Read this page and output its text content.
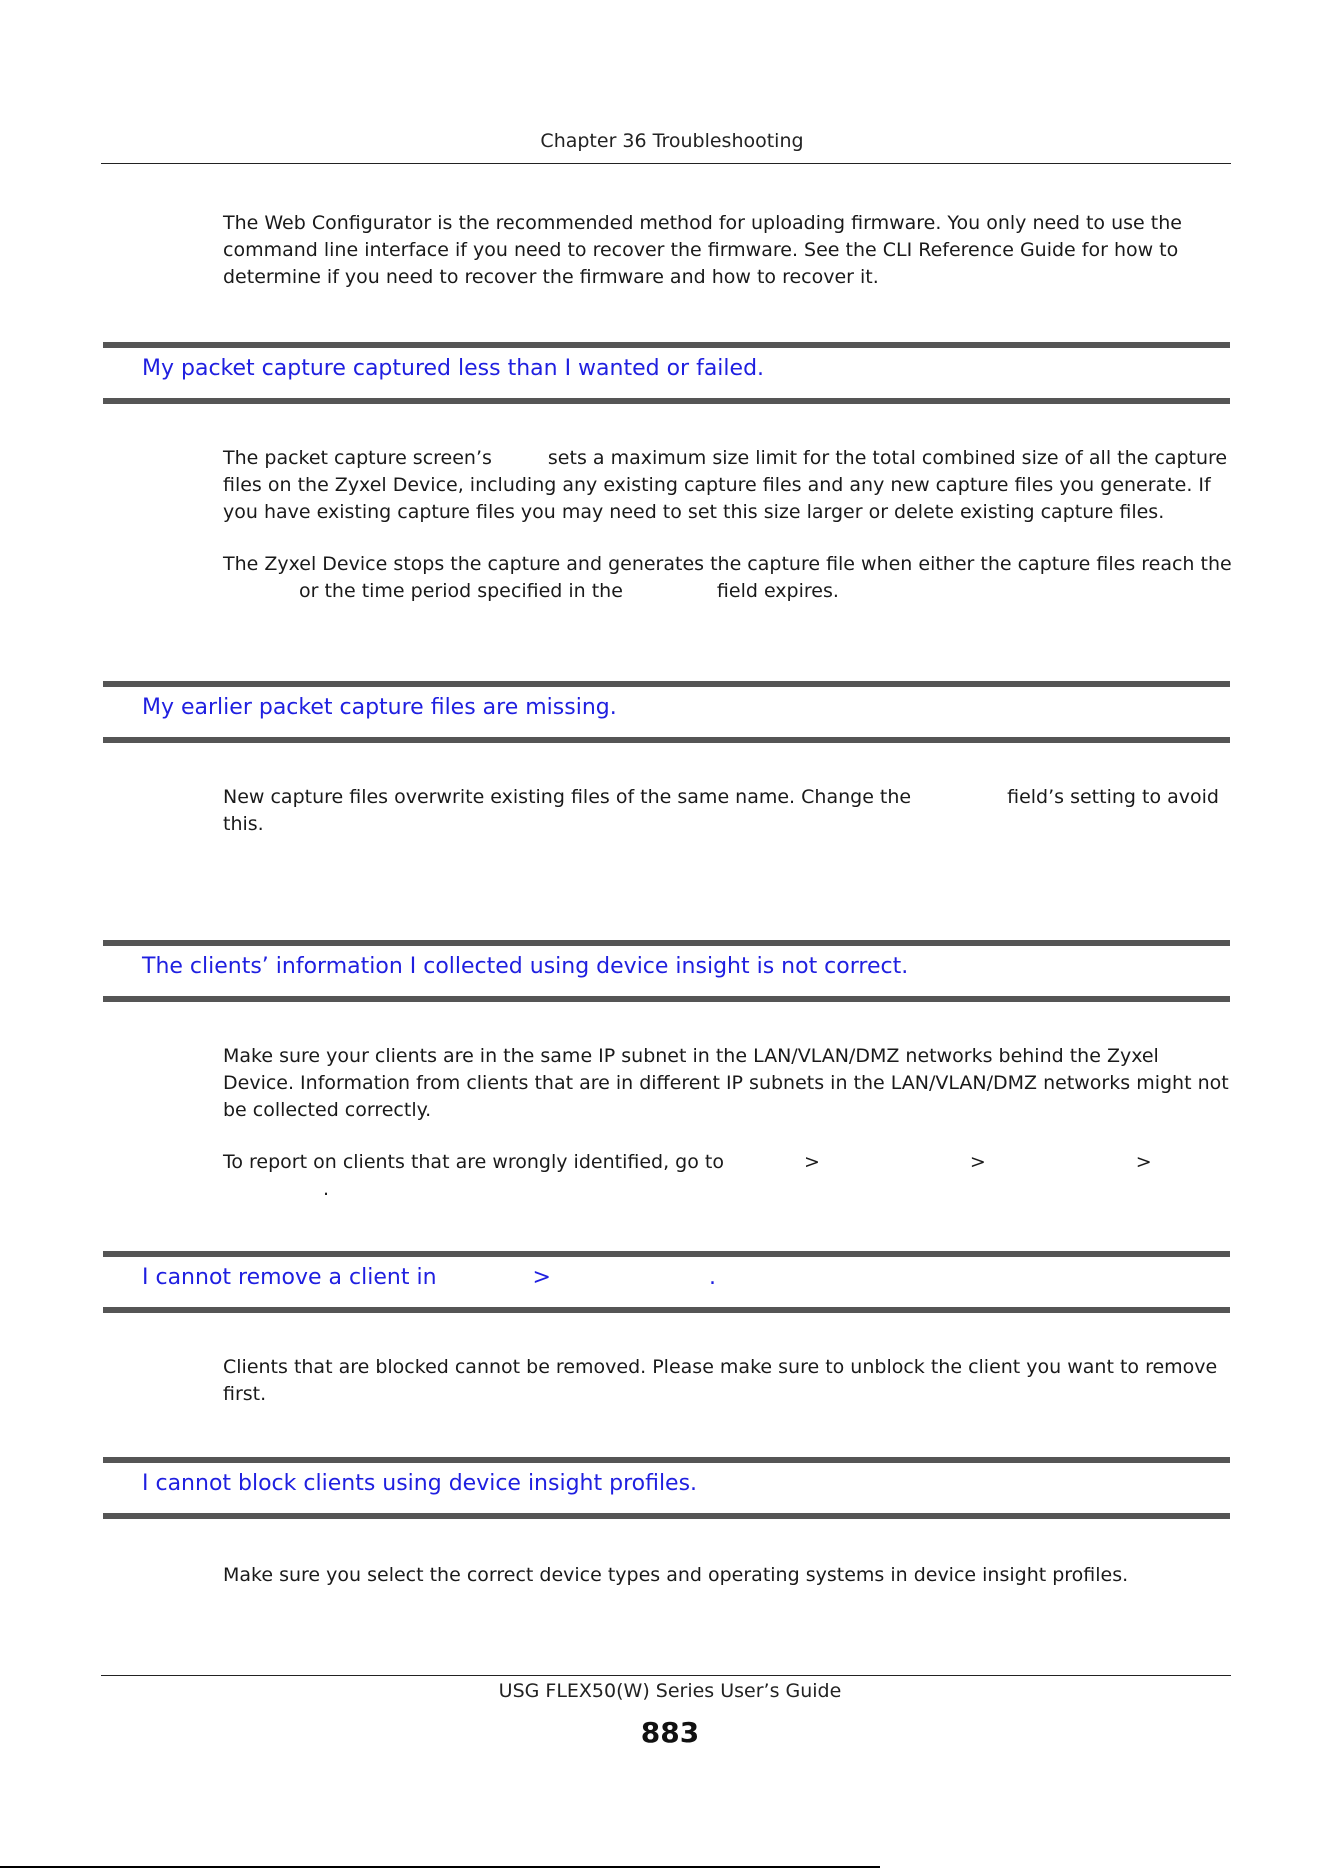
Chapter 36 Troubleshooting

The Web Configurator is the recommended method for uploading firmware. You only need to use the command line interface if you need to recover the firmware. See the CLI Reference Guide for how to determine if you need to recover the firmware and how to recover it.

My packet capture captured less than I wanted or failed.

The packet capture screen’s	sets a maximum size limit for the total combined size of all the capture files on the Zyxel Device, including any existing capture files and any new capture files you generate. If you have existing capture files you may need to set this size larger or delete existing capture files.

The Zyxel Device stops the capture and generates the capture file when either the capture files reach theor the time period specified in the	field expires.

My earlier packet capture files are missing.

New capture files overwrite existing files of the same name. Change the	field’s setting to avoid this.

The clients’ information I collected using device insight is not correct.

Make sure your clients are in the same IP subnet in the LAN/VLAN/DMZ networks behind the Zyxel Device. Information from clients that are in different IP subnets in the LAN/VLAN/DMZ networks might not be collected correctly.

To report on clients that are wrongly identified, go to	>	>	>
.

I cannot remove a client in	>	.

Clients that are blocked cannot be removed. Please make sure to unblock the client you want to remove first.

I cannot block clients using device insight profiles.

Make sure you select the correct device types and operating systems in device insight profiles.

USG FLEX50(W) Series User’s Guide
883
